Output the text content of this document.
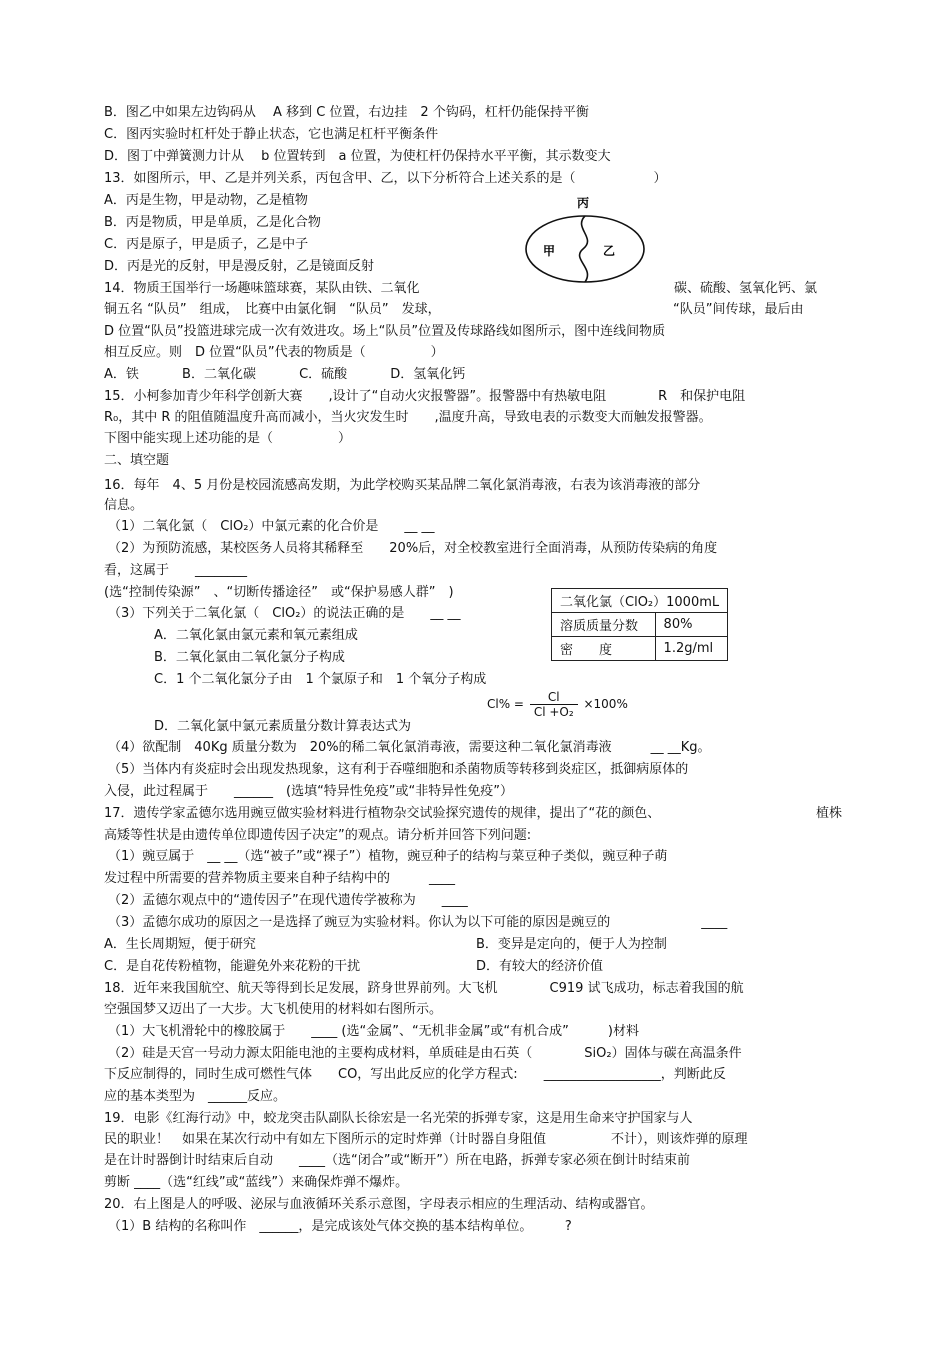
B．图乙中如果左边钩码从　 A 移到 C 位置，右边挂　2 个钩码，杠杆仍能保持平衡
C．图丙实验时杠杆处于静止状态，它也满足杠杆平衡条件
D．图丁中弹簧测力计从　 b 位置转到　a 位置，为使杠杆仍保持水平平衡，其示数变大
13．如图所示，甲、乙是并列关系，丙包含甲、乙，以下分析符合上述关系的是（　　　　　　）
A．丙是生物，甲是动物，乙是植物
B．丙是物质，甲是单质，乙是化合物
C．丙是原子，甲是质子，乙是中子
D．丙是光的反射，甲是漫反射，乙是镜面反射
丙
甲	乙
14．物质王国举行一场趣味篮球赛，某队由铁、二氧化	碳、硫酸、氢氧化钙、氯
铜五名 “队员”　组成，　比赛中由氯化铜　“队员”　发球，	“队员”间传球，最后由
D 位置“队员”投篮进球完成一次有效进攻。场上“队员”位置及传球路线如图所示，图中连线间物质
相互反应。则　D 位置“队员”代表的物质是（　　　　　）
A．铁　　　 B．二氧化碳　　　 C．硫酸　　　 D．氢氧化钙
15．小柯参加青少年科学创新大赛　　,设计了“自动火灾报警器”。报警器中有热敏电阻　　　　R　和保护电阻
R₀，其中 R 的阻值随温度升高而减小，当火灾发生时　　,温度升高，导致电表的示数变大而触发报警器。
下图中能实现上述功能的是（　　　　　）
二、填空题
16．每年　4、5 月份是校园流感高发期，为此学校购买某品牌二氧化氯消毒液，右表为该消毒液的部分
信息。
（1）二氧化氯（　ClO₂）中氯元素的化合价是　　__ __
（2）为预防流感，某校医务人员将其稀释至　　20%后，对全校教室进行全面消毒，从预防传染病的角度
看，这属于　　________
(选“控制传染源”　、“切断传播途径”　或“保护易感人群”　)
（3）下列关于二氧化氯（　ClO₂）的说法正确的是　　__ __
二氧化氯（ClO₂）1000mL	
溶质质量分数	80%
密　　度	1.2g/ml
A．二氧化氯由氯元素和氧元素组成
B．二氧化氯由二氧化氯分子构成
C．1 个二氧化氯分子由　1 个氯原子和　1 个氧分子构成
$Cl\% = \frac{Cl}{\text{Cl +O₂}} \times 100\%$
D．二氧化氯中氯元素质量分数计算表达式为
（4）欲配制　40Kg 质量分数为　20%的稀二氧化氯消毒液，需要这种二氧化氯消毒液　　　__ __Kg。
（5）当体内有炎症时会出现发热现象，这有利于吞噬细胞和杀菌物质等转移到炎症区，抵御病原体的
入侵，此过程属于　　______　(选填“特异性免疫”或“非特异性免疫”）
17．遗传学家孟德尔选用豌豆做实验材料进行植物杂交试验探究遗传的规律，提出了“花的颜色、	植株
高矮等性状是由遗传单位即遗传因子决定”的观点。请分析并回答下列问题:
（1）豌豆属于　__ __（选“被子”或“裸子”）植物，豌豆种子的结构与菜豆种子类似，豌豆种子萌
发过程中所需要的营养物质主要来自种子结构中的　　　____
（2）孟德尔观点中的“遗传因子”在现代遗传学被称为　　____
（3）孟德尔成功的原因之一是选择了豌豆为实验材料。你认为以下可能的原因是豌豆的　　　　　　　____
A．生长周期短，便于研究	B．变异是定向的，便于人为控制
C．是自花传粉植物，能避免外来花粉的干扰	D．有较大的经济价值
18．近年来我国航空、航天等得到长足发展，跻身世界前列。大飞机　　　　C919 试飞成功，标志着我国的航
空强国梦又迈出了一大步。大飞机使用的材料如右图所示。
（1）大飞机滑轮中的橡胶属于　　____ (选“金属”、“无机非金属”或“有机合成”　　　)材料
（2）硅是天宫一号动力源太阳能电池的主要构成材料，单质硅是由石英（　　　　SiO₂）固体与碳在高温条件
下反应制得的，同时生成可燃性气体　　CO，写出此反应的化学方程式:　　__________________，判断此反
应的基本类型为　______反应。
19．电影《红海行动》中，蛟龙突击队副队长徐宏是一名光荣的拆弹专家，这是用生命来守护国家与人
民的职业！　如果在某次行动中有如左下图所示的定时炸弹（计时器自身阻值　　　　　不计），则该炸弹的原理
是在计时器倒计时结束后自动　　____（选“闭合”或“断开”）所在电路，拆弹专家必须在倒计时结束前
剪断 ____（选“红线”或“蓝线”）来确保炸弹不爆炸。
20．右上图是人的呼吸、泌尿与血液循环关系示意图，字母表示相应的生理活动、结构或器官。
（1）B 结构的名称叫作　______，是完成该处气体交换的基本结构单位。　　　?
